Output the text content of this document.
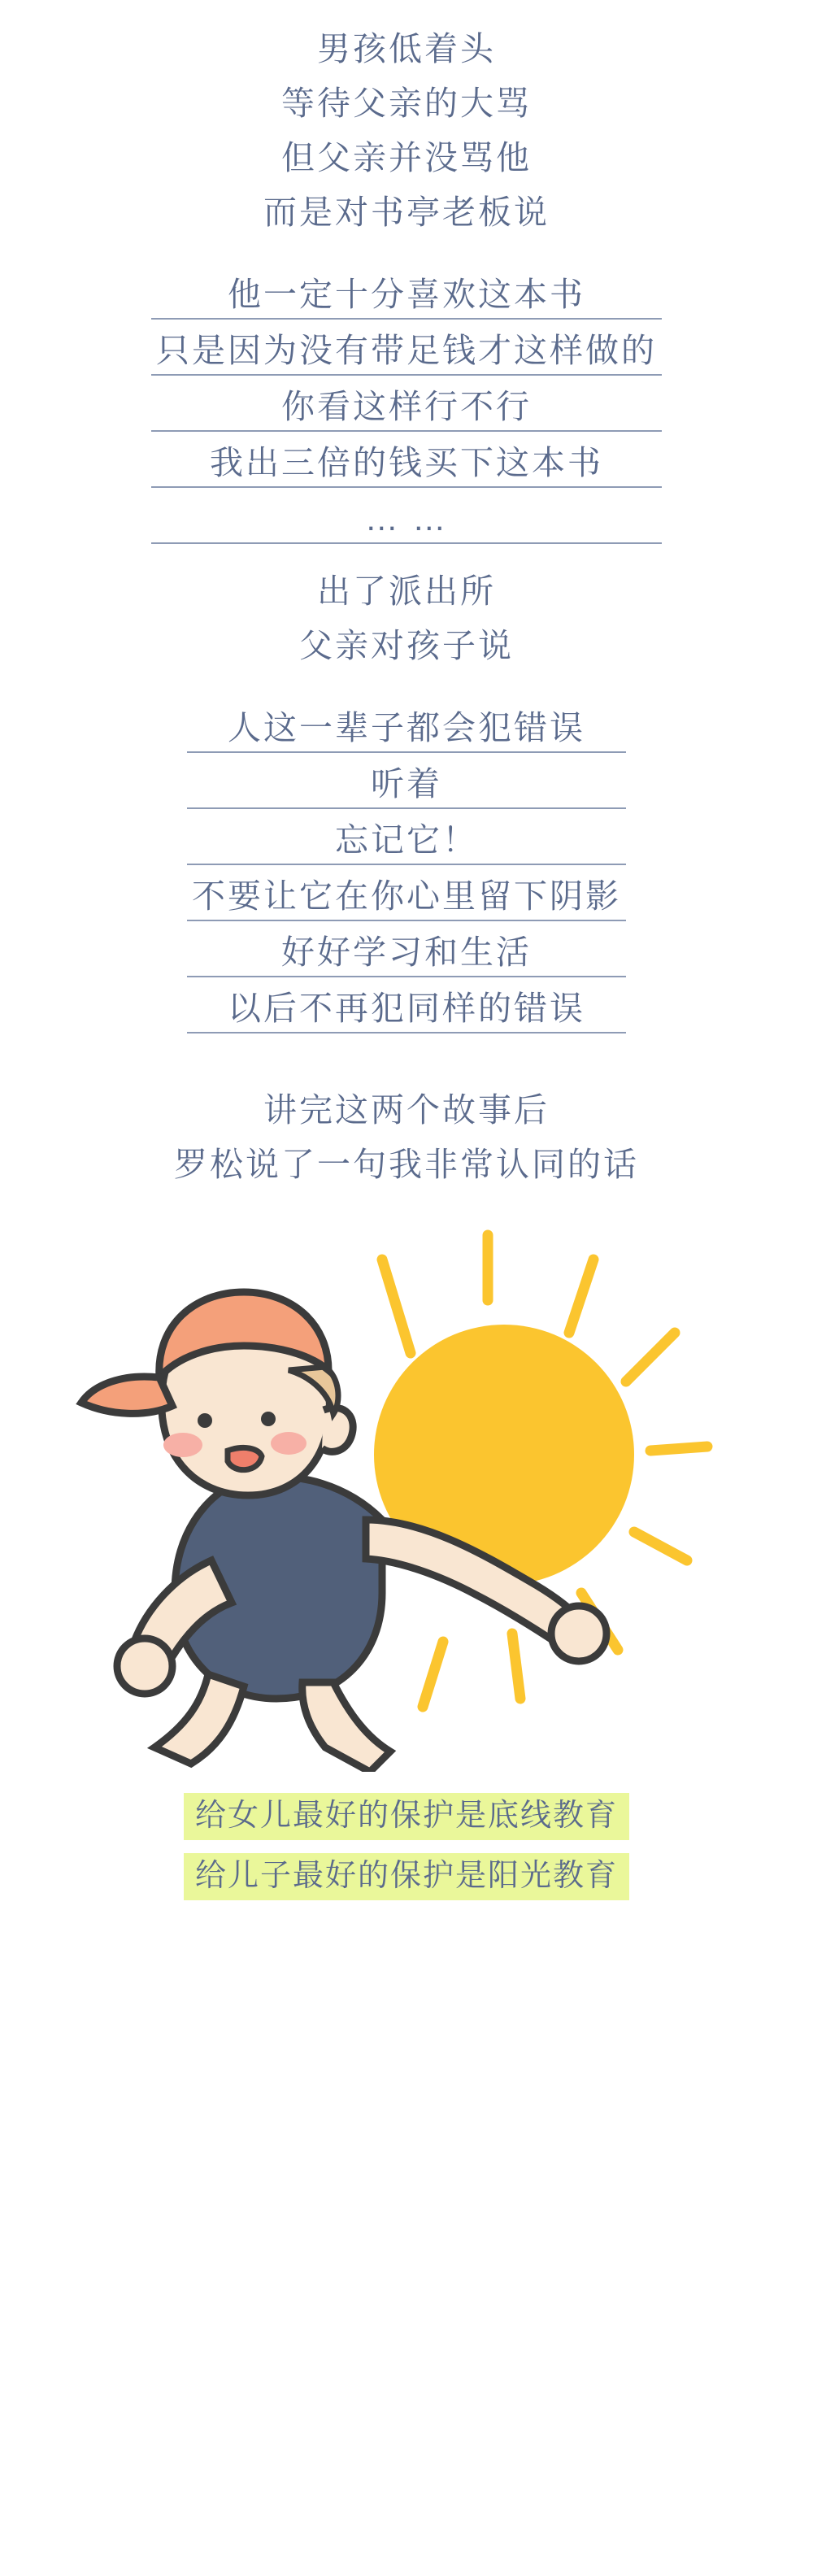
男孩低着头
等待父亲的大骂
但父亲并没骂他
而是对书亭老板说
他一定十分喜欢这本书
只是因为没有带足钱才这样做的
你看这样行不行
我出三倍的钱买下这本书
… …
出了派出所
父亲对孩子说
人这一辈子都会犯错误
听着
忘记它！
不要让它在你心里留下阴影
好好学习和生活
以后不再犯同样的错误
讲完这两个故事后
罗松说了一句我非常认同的话
给女儿最好的保护是底线教育
给儿子最好的保护是阳光教育
